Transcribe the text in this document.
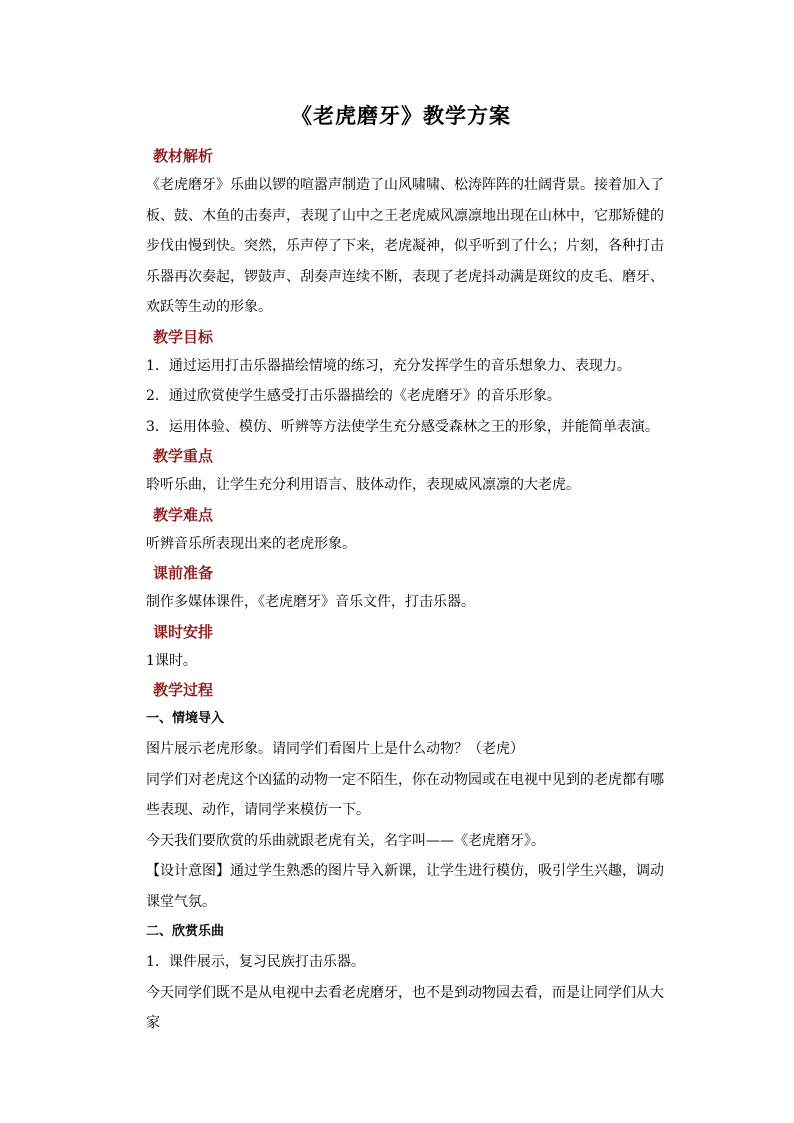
《老虎磨牙》教学方案
教材解析

《老虎磨牙》乐曲以锣的喧嚣声制造了山风啸啸、松涛阵阵的壮阔背景。接着加入了板、鼓、木鱼的击奏声，表现了山中之王老虎威风凛凛地出现在山林中，它那矫健的步伐由慢到快。突然，乐声停了下来，老虎凝神，似乎听到了什么；片刻，各种打击乐器再次奏起，锣鼓声、刮奏声连续不断，表现了老虎抖动满是斑纹的皮毛、磨牙、欢跃等生动的形象。

教学目标

1．通过运用打击乐器描绘情境的练习，充分发挥学生的音乐想象力、表现力。

2．通过欣赏使学生感受打击乐器描绘的《老虎磨牙》的音乐形象。

3．运用体验、模仿、听辨等方法使学生充分感受森林之王的形象，并能简单表演。

教学重点

聆听乐曲，让学生充分利用语言、肢体动作，表现威风凛凛的大老虎。

教学难点

听辨音乐所表现出来的老虎形象。

课前准备

制作多媒体课件，《老虎磨牙》音乐文件，打击乐器。

课时安排

1课时。

教学过程
一、情境导入

图片展示老虎形象。请同学们看图片上是什么动物？（老虎）

同学们对老虎这个凶猛的动物一定不陌生，你在动物园或在电视中见到的老虎都有哪些表现、动作，请同学来模仿一下。

今天我们要欣赏的乐曲就跟老虎有关，名字叫——《老虎磨牙》。

【设计意图】通过学生熟悉的图片导入新课，让学生进行模仿，吸引学生兴趣，调动课堂气氛。

二、欣赏乐曲

1．课件展示，复习民族打击乐器。

今天同学们既不是从电视中去看老虎磨牙，也不是到动物园去看，而是让同学们从大家
